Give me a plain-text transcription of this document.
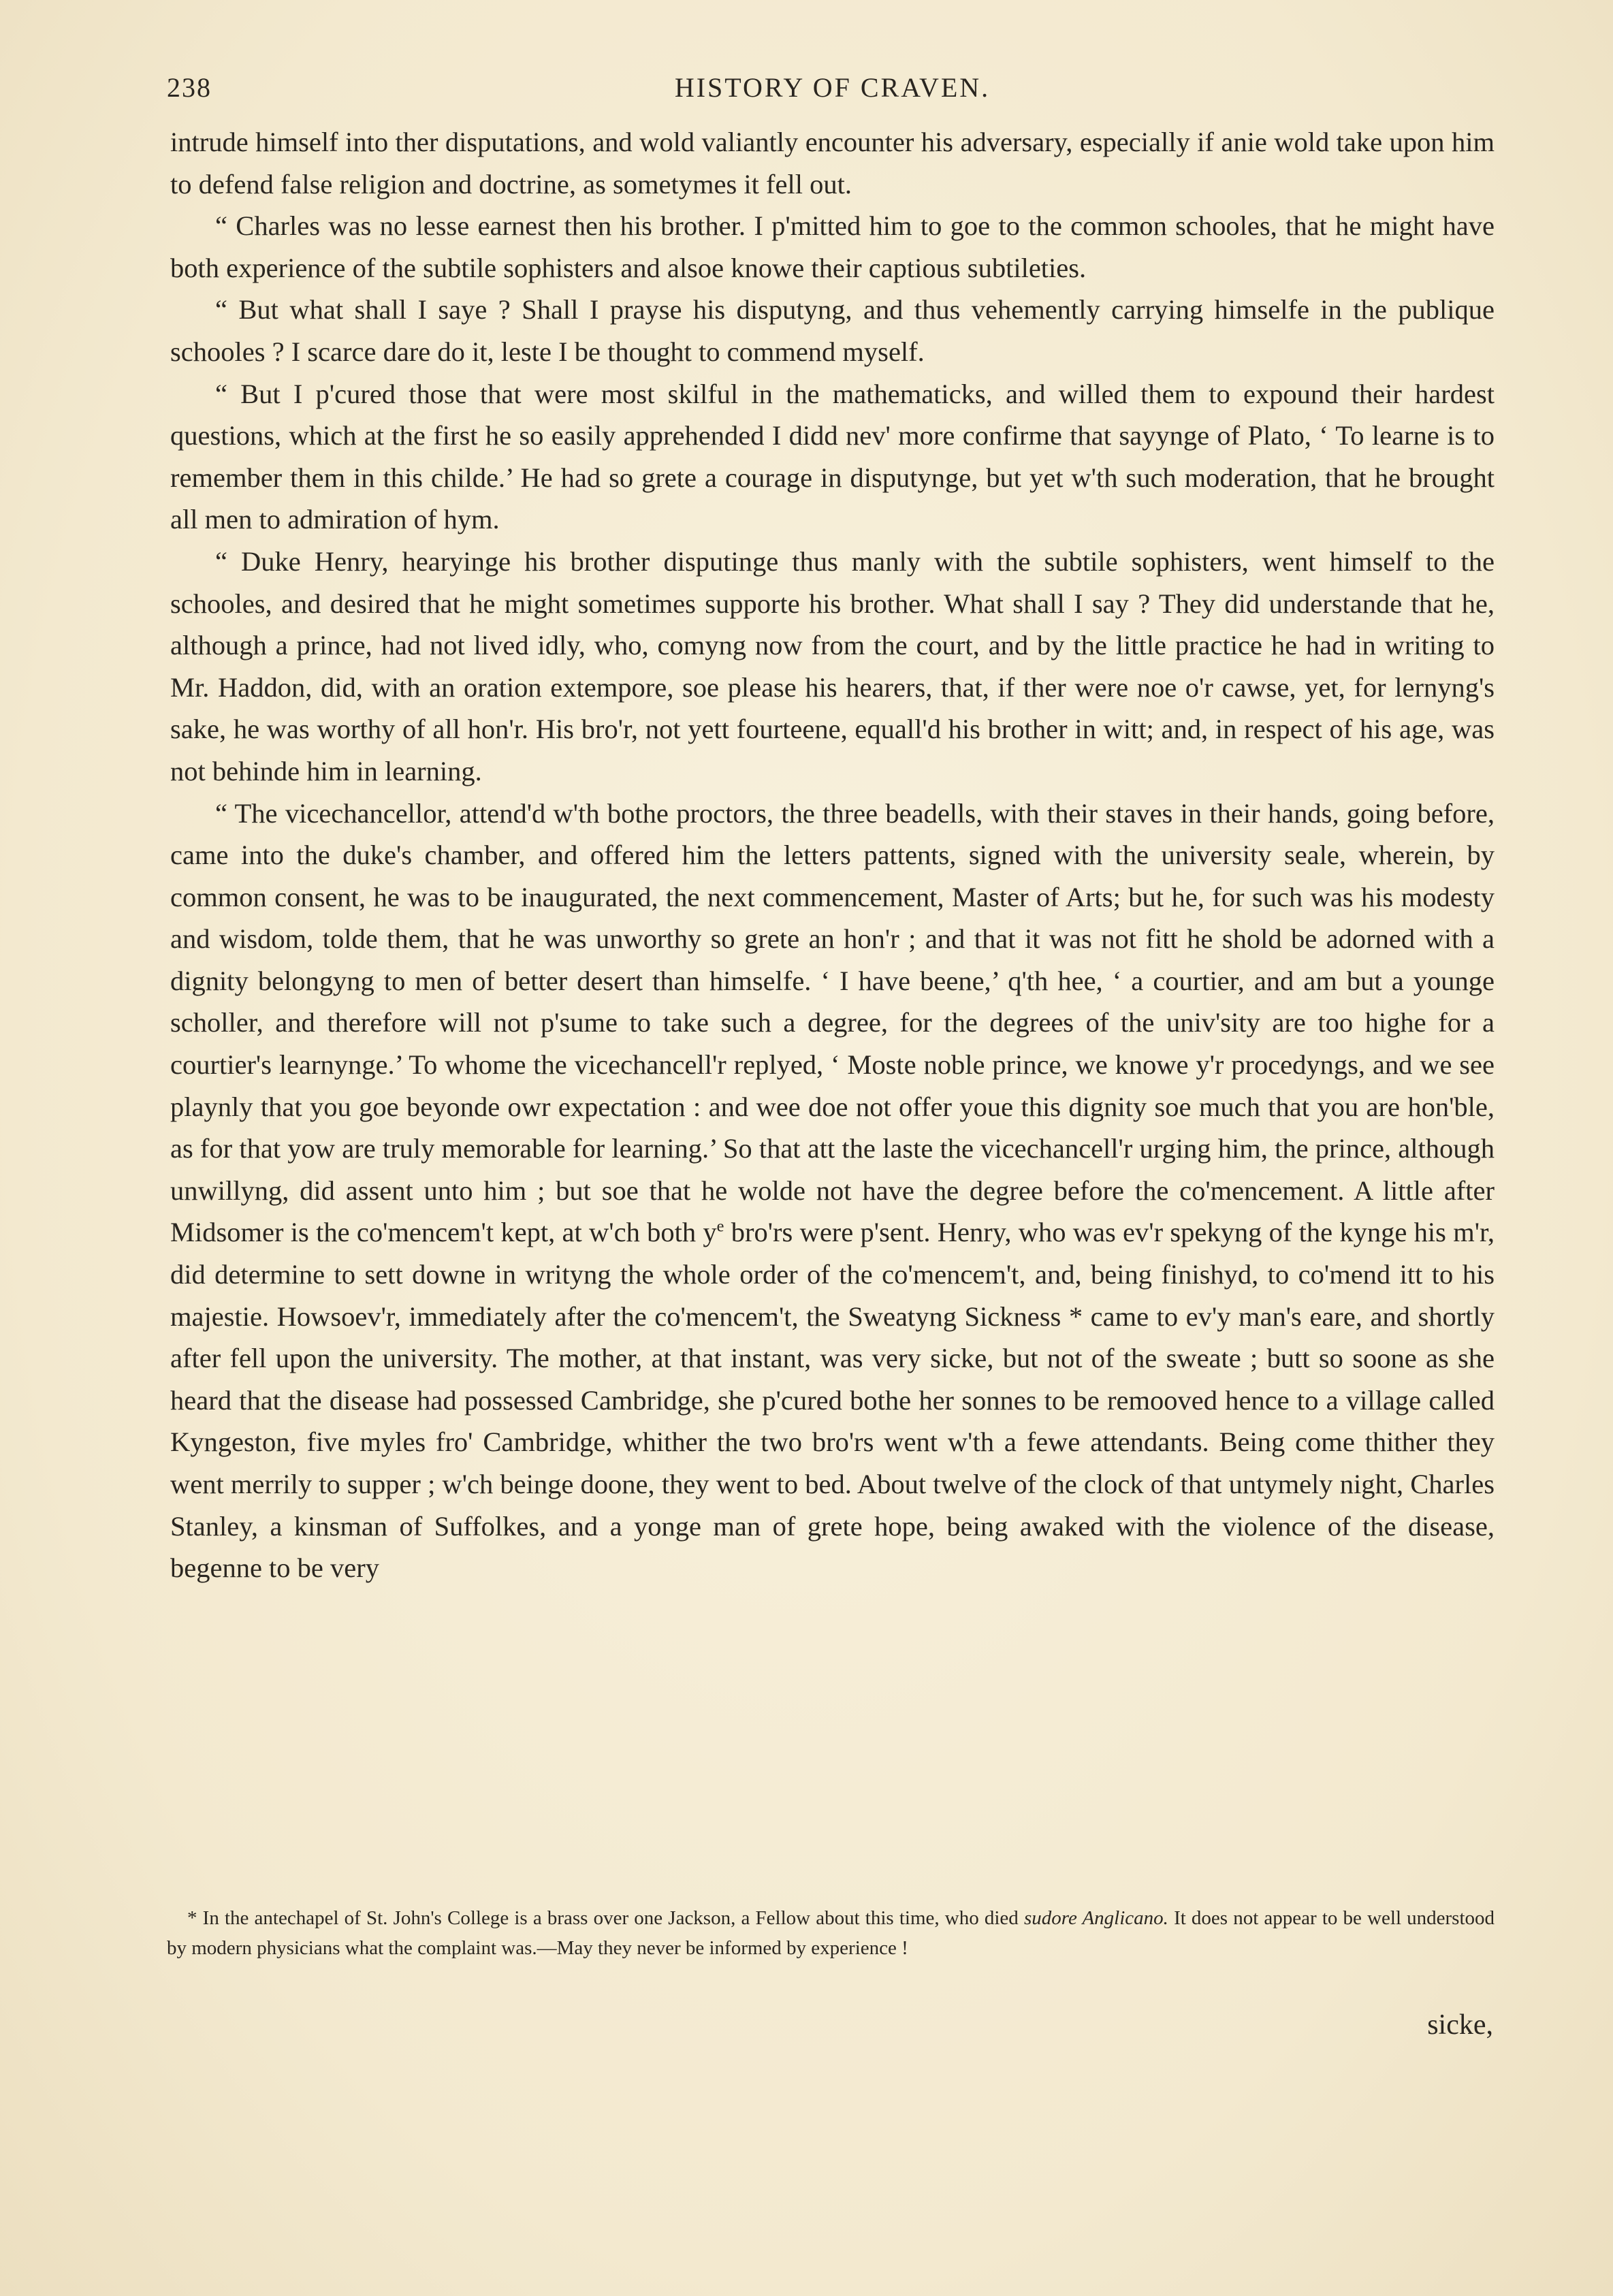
238	HISTORY OF CRAVEN.

intrude himself into ther disputations, and wold valiantly encounter his adversary, especially if anie wold take upon him to defend false religion and doctrine, as sometymes it fell out.

“ Charles was no lesse earnest then his brother. I p'mitted him to goe to the common schooles, that he might have both experience of the subtile sophisters and alsoe knowe their captious subtileties.

“ But what shall I saye ? Shall I prayse his disputyng, and thus vehemently carrying himselfe in the publique schooles ? I scarce dare do it, leste I be thought to commend myself.

“ But I p'cured those that were most skilful in the mathematicks, and willed them to expound their hardest questions, which at the first he so easily apprehended I didd nev' more confirme that sayynge of Plato, ‘ To learne is to remember them in this childe.’ He had so grete a courage in disputynge, but yet w'th such moderation, that he brought all men to admiration of hym.

“ Duke Henry, hearyinge his brother disputinge thus manly with the subtile sophisters, went himself to the schooles, and desired that he might sometimes supporte his brother. What shall I say ? They did understande that he, although a prince, had not lived idly, who, comyng now from the court, and by the little practice he had in writing to Mr. Haddon, did, with an oration extempore, soe please his hearers, that, if ther were noe o'r cawse, yet, for lernyng's sake, he was worthy of all hon'r. His bro'r, not yett fourteene, equall'd his brother in witt; and, in respect of his age, was not behinde him in learning.

“ The vicechancellor, attend'd w'th bothe proctors, the three beadells, with their staves in their hands, going before, came into the duke's chamber, and offered him the letters pattents, signed with the university seale, wherein, by common consent, he was to be inaugurated, the next commencement, Master of Arts; but he, for such was his modesty and wisdom, tolde them, that he was unworthy so grete an hon'r ; and that it was not fitt he shold be adorned with a dignity belongyng to men of better desert than himselfe. ‘ I have beene,’ q'th hee, ‘ a courtier, and am but a younge scholler, and therefore will not p'sume to take such a degree, for the degrees of the univ'sity are too highe for a courtier's learnynge.’ To whome the vicechancell'r replyed, ‘ Moste noble prince, we knowe y'r procedyngs, and we see playnly that you goe beyonde owr expectation : and wee doe not offer youe this dignity soe much that you are hon'ble, as for that yow are truly memorable for learning.’ So that att the laste the vicechancell'r urging him, the prince, although unwillyng, did assent unto him ; but soe that he wolde not have the degree before the co'mencement. A little after Midsomer is the co'mencem't kept, at w'ch both $y^e$ bro'rs were p'sent. Henry, who was ev'r spekyng of the kynge his m'r, did determine to sett downe in writyng the whole order of the co'mencem't, and, being finishyd, to co'mend itt to his majestie. Howsoev'r, immediately after the co'mencem't, the Sweatyng Sickness * came to ev'y man's eare, and shortly after fell upon the university. The mother, at that instant, was very sicke, but not of the sweate ; butt so soone as she heard that the disease had possessed Cambridge, she p'cured bothe her sonnes to be remooved hence to a village called Kyngeston, five myles fro' Cambridge, whither the two bro'rs went w'th a fewe attendants. Being come thither they went merrily to supper ; w'ch beinge doone, they went to bed. About twelve of the clock of that untymely night, Charles Stanley, a kinsman of Suffolkes, and a yonge man of grete hope, being awaked with the violence of the disease, begenne to be very

* In the antechapel of St. John's College is a brass over one Jackson, a Fellow about this time, who died sudore Anglicano. It does not appear to be well understood by modern physicians what the complaint was.—May they never be informed by experience !

sicke,
